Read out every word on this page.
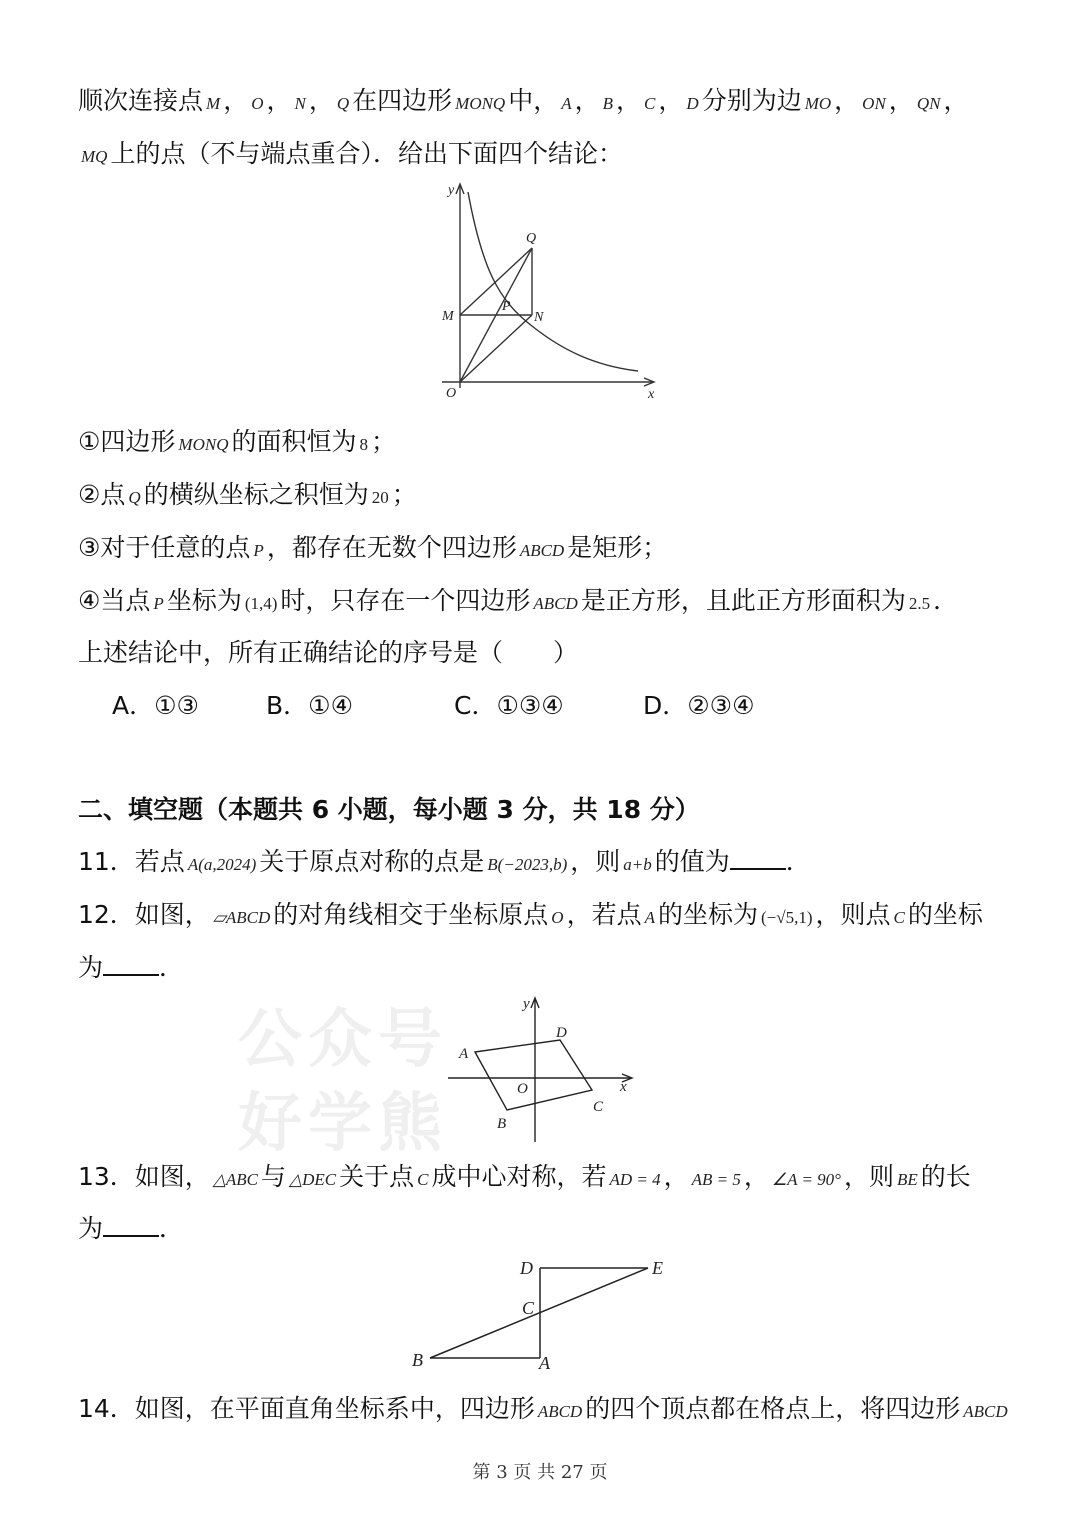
顺次连接点 M ， O ， N ， Q 在四边形 MONQ 中， A ， B ， C ， D 分别为边 MO ， ON ， QN ，
MQ 上的点（不与端点重合）．给出下面四个结论：
y
x
O
M	N
P
Q
①四边形 MONQ 的面积恒为 8 ；
②点 Q 的横纵坐标之积恒为 20 ；
③对于任意的点 P ，都存在无数个四边形 ABCD 是矩形；
④当点 P 坐标为 (1,4) 时，只存在一个四边形 ABCD 是正方形，且此正方形面积为 2.5 ．
上述结论中，所有正确结论的序号是（　　）
A．①③	B．①④	C．①③④	D．②③④
二、填空题（本题共 6 小题，每小题 3 分，共 18 分）
11．若点 A(a,2024) 关于原点对称的点是 B(−2023,b) ，则 a+b 的值为 ．
12．如图， ▱ABCD 的对角线相交于坐标原点 O ，若点 A 的坐标为 (−√5,1) ，则点 C 的坐标
为 ．
公众号
好学熊
y
x
A
B
C
D
O
13．如图， △ABC 与 △DEC 关于点 C 成中心对称，若 AD = 4 ， AB = 5 ， ∠A = 90° ，则 BE 的长
为 ．
D	E
C
B	A
14．如图，在平面直角坐标系中，四边形 ABCD 的四个顶点都在格点上，将四边形 ABCD
第 3 页 共 27 页
